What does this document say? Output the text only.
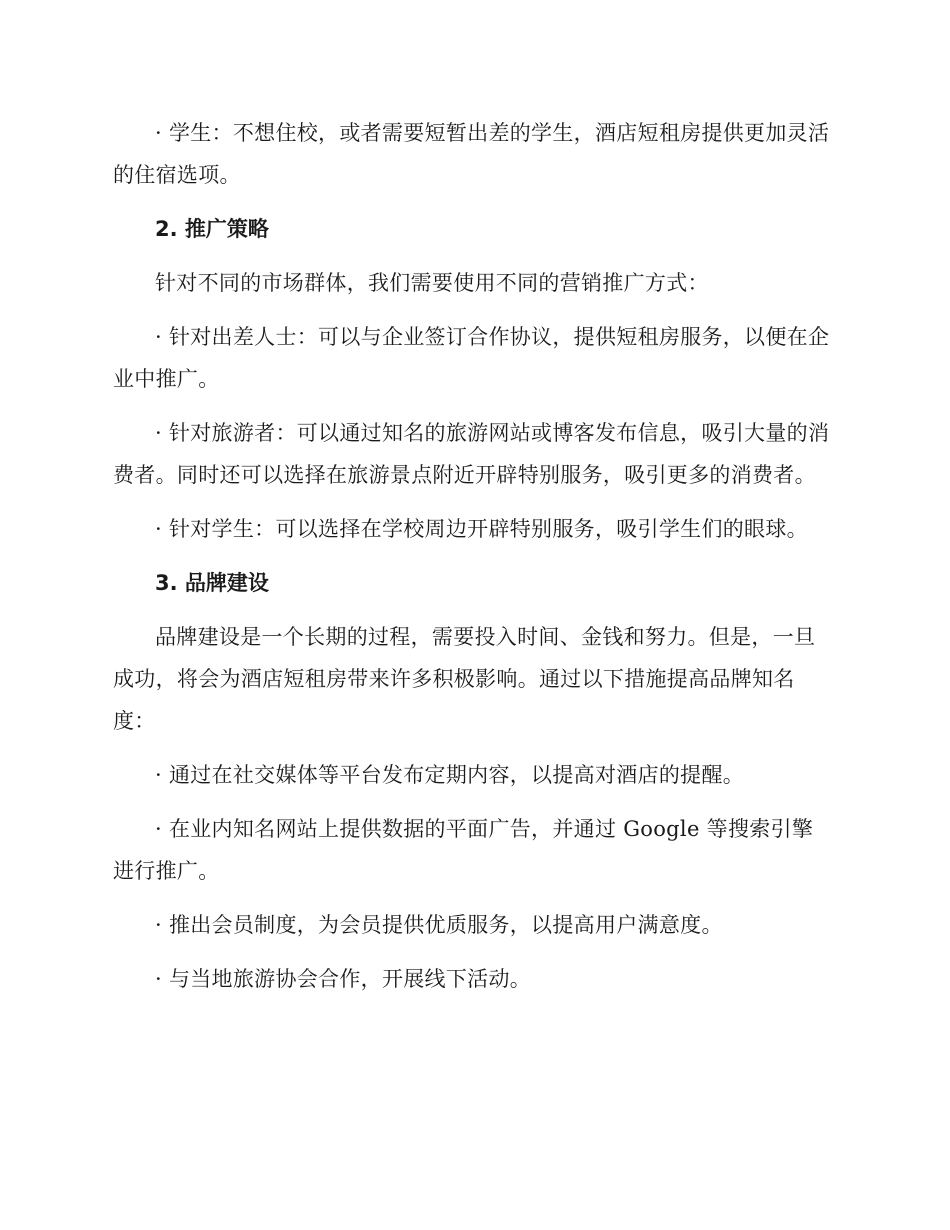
· 学生：不想住校，或者需要短暂出差的学生，酒店短租房提供更加灵活的住宿选项。

2. 推广策略

针对不同的市场群体，我们需要使用不同的营销推广方式：

· 针对出差人士：可以与企业签订合作协议，提供短租房服务，以便在企业中推广。

· 针对旅游者：可以通过知名的旅游网站或博客发布信息，吸引大量的消费者。同时还可以选择在旅游景点附近开辟特别服务，吸引更多的消费者。

· 针对学生：可以选择在学校周边开辟特别服务，吸引学生们的眼球。

3. 品牌建设

品牌建设是一个长期的过程，需要投入时间、金钱和努力。但是，一旦成功，将会为酒店短租房带来许多积极影响。通过以下措施提高品牌知名度：

· 通过在社交媒体等平台发布定期内容，以提高对酒店的提醒。

· 在业内知名网站上提供数据的平面广告，并通过 Google 等搜索引擎进行推广。

· 推出会员制度，为会员提供优质服务，以提高用户满意度。

· 与当地旅游协会合作，开展线下活动。
